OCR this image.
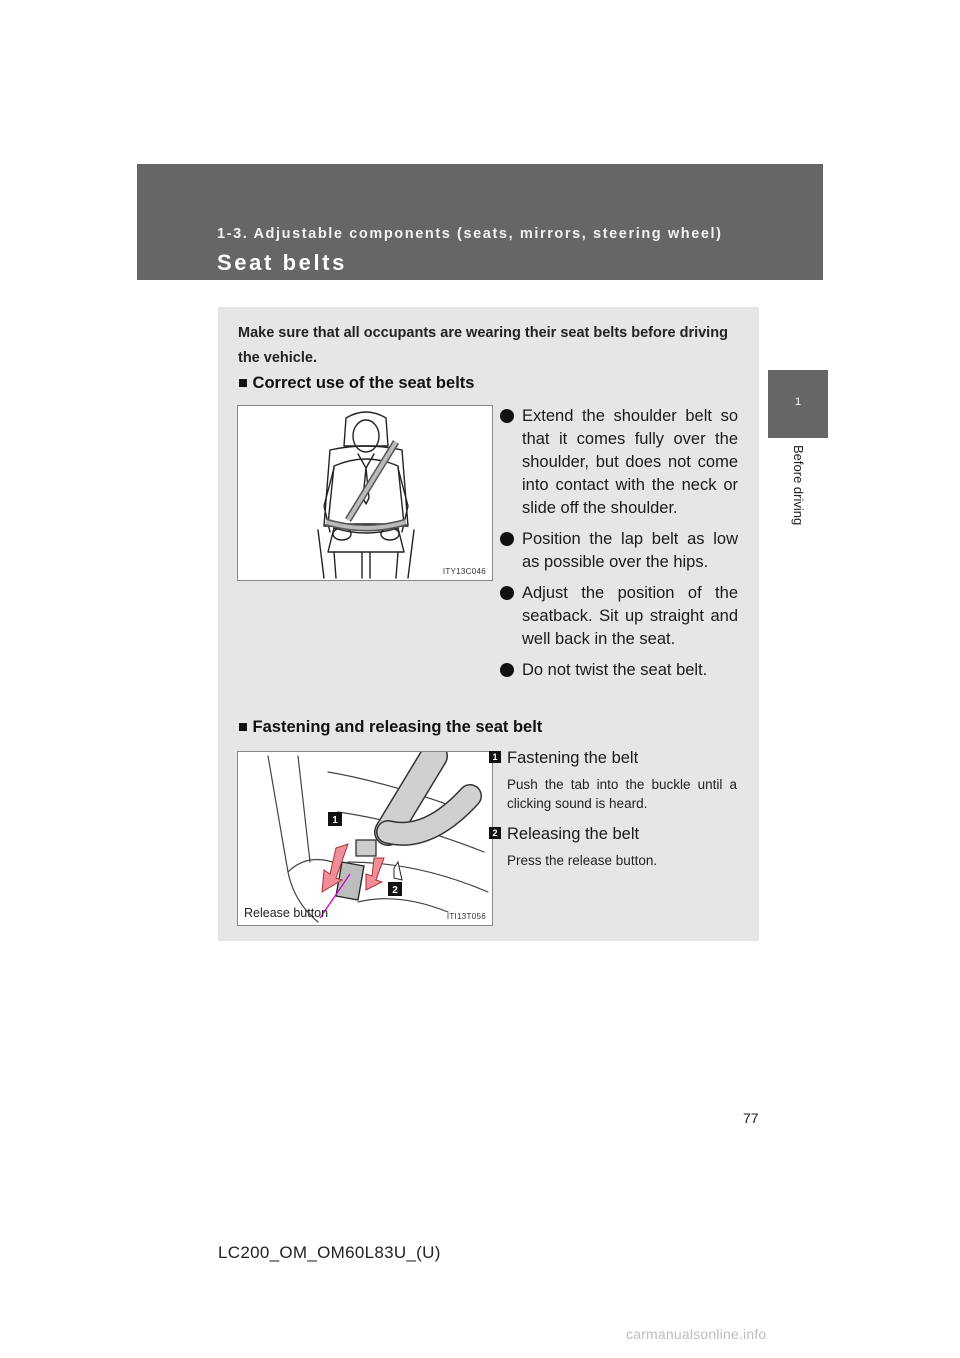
1-3. Adjustable components (seats, mirrors, steering wheel)
Seat belts
1
Before driving
Make sure that all occupants are wearing their seat belts before driving the vehicle.
■ Correct use of the seat belts
ITY13C046
Extend the shoulder belt so that it comes fully over the shoulder, but does not come into contact with the neck or slide off the shoulder.
Position the lap belt as low as possible over the hips.
Adjust the position of the seatback. Sit up straight and well back in the seat.
Do not twist the seat belt.
■ Fastening and releasing the seat belt
1
2
Release button	ITI13T056
1 Fastening the belt
Push the tab into the buckle until a clicking sound is heard.
2 Releasing the belt
Press the release button.
77
LC200_OM_OM60L83U_(U)
carmanualsonline.info
